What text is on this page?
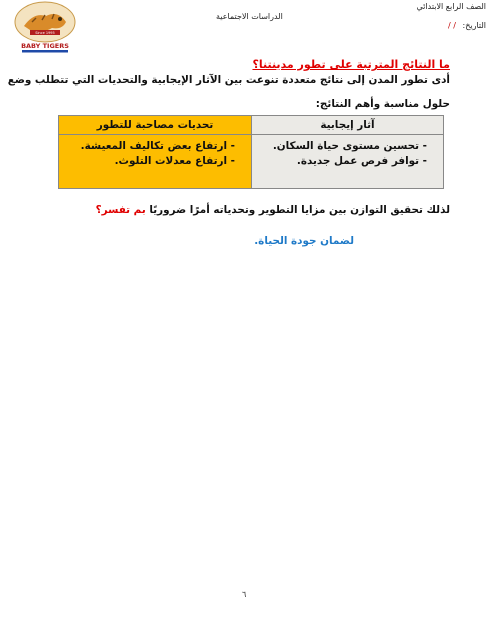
Since 1995
BABY TIGERS
الصف الرابع الابتدائي
الدراسات الاجتماعية
التاريخ: / /
ما النتائج المترتبة على تطور مدينتنا؟
أدى تطور المدن إلى نتائج متعددة تنوعت بين الآثار الإيجابية والتحديات التي تتطلب وضع
حلول مناسبة وأهم النتائج:
آثار إيجابية
- تحسين مستوى حياة السكان.
- توافر فرص عمل جديدة.
تحديات مصاحبة للتطور
- ارتفاع بعض تكاليف المعيشة.
- ارتفاع معدلات التلوث.
لذلك تحقيق التوازن بين مزايا التطوير وتحدياته أمرًا ضروريًا بم تفسر؟
لضمان جودة الحياة.
٦
